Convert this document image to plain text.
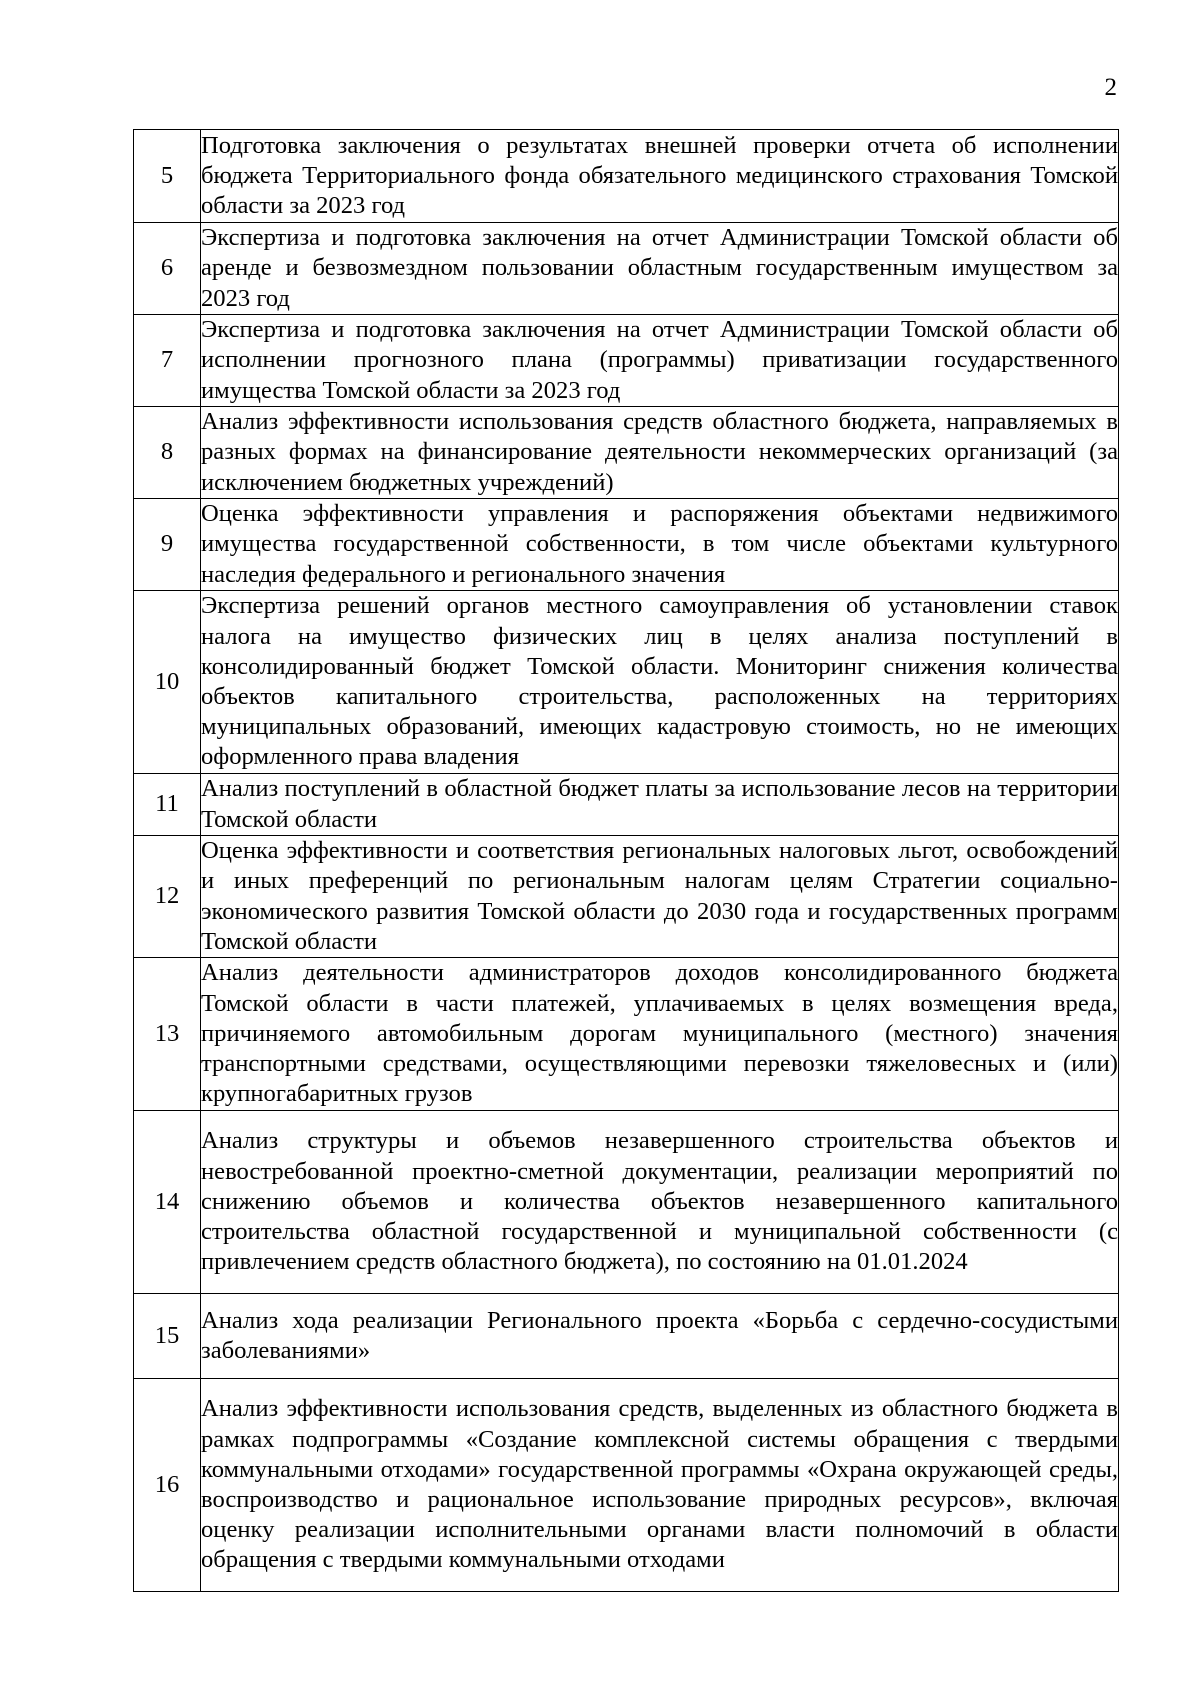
2
5	Подготовка заключения о результатах внешней проверки отчета об исполнении бюджета Территориального фонда обязательного медицинского страхования Томской области за 2023 год
6	Экспертиза и подготовка заключения на отчет Администрации Томской области об аренде и безвозмездном пользовании областным государственным имуществом за 2023 год
7	Экспертиза и подготовка заключения на отчет Администрации Томской области об исполнении прогнозного плана (программы) приватизации государственного имущества Томской области за 2023 год
8	Анализ эффективности использования средств областного бюджета, направляемых в разных формах на финансирование деятельности некоммерческих организаций (за исключением бюджетных учреждений)
9	Оценка эффективности управления и распоряжения объектами недвижимого имущества государственной собственности, в том числе объектами культурного наследия федерального и регионального значения
10	Экспертиза решений органов местного самоуправления об установлении ставок налога на имущество физических лиц в целях анализа поступлений в консолидированный бюджет Томской области. Мониторинг снижения количества объектов капитального строительства, расположенных на территориях муниципальных образований, имеющих кадастровую стоимость, но не имеющих оформленного права владения
11	Анализ поступлений в областной бюджет платы за использование лесов на территории Томской области
12	Оценка эффективности и соответствия региональных налоговых льгот, освобождений и иных преференций по региональным налогам целям Стратегии социально-экономического развития Томской области до 2030 года и государственных программ Томской области
13	Анализ деятельности администраторов доходов консолидированного бюджета Томской области в части платежей, уплачиваемых в целях возмещения вреда, причиняемого автомобильным дорогам муниципального (местного) значения транспортными средствами, осуществляющими перевозки тяжеловесных и (или) крупногабаритных грузов
14	Анализ структуры и объемов незавершенного строительства объектов и невостребованной проектно-сметной документации, реализации мероприятий по снижению объемов и количества объектов незавершенного капитального строительства областной государственной и муниципальной собственности (с привлечением средств областного бюджета), по состоянию на 01.01.2024
15	Анализ хода реализации Регионального проекта «Борьба с сердечно-сосудистыми заболеваниями»
16	Анализ эффективности использования средств, выделенных из областного бюджета в рамках подпрограммы «Создание комплексной системы обращения с твердыми коммунальными отходами» государственной программы «Охрана окружающей среды, воспроизводство и рациональное использование природных ресурсов», включая оценку реализации исполнительными органами власти полномочий в области обращения с твердыми коммунальными отходами
